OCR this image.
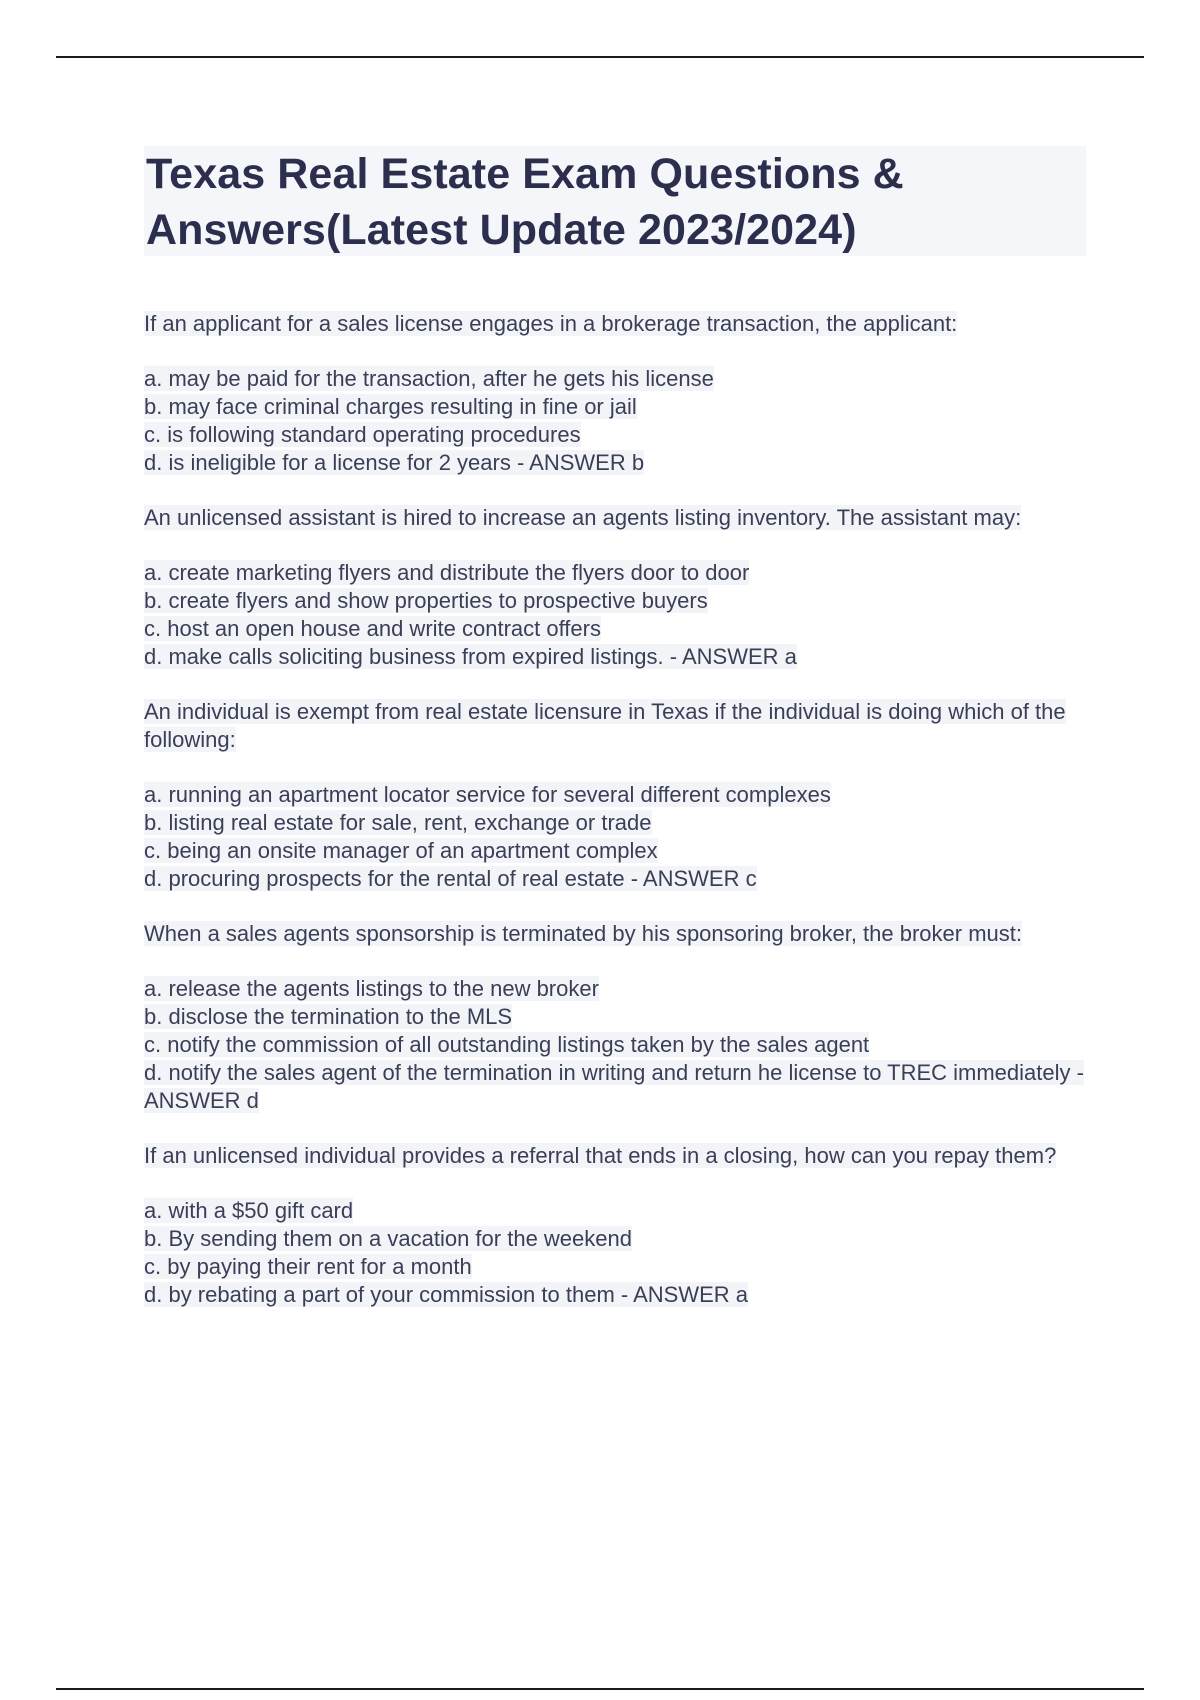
Texas Real Estate Exam Questions & Answers(Latest Update 2023/2024)

If an applicant for a sales license engages in a brokerage transaction, the applicant:

a. may be paid for the transaction, after he gets his license

b. may face criminal charges resulting in fine or jail

c. is following standard operating procedures

d. is ineligible for a license for 2 years - ANSWER b

An unlicensed assistant is hired to increase an agents listing inventory. The assistant may:

a. create marketing flyers and distribute the flyers door to door

b. create flyers and show properties to prospective buyers

c. host an open house and write contract offers

d. make calls soliciting business from expired listings. - ANSWER a

An individual is exempt from real estate licensure in Texas if the individual is doing which of the following:

a. running an apartment locator service for several different complexes

b. listing real estate for sale, rent, exchange or trade

c. being an onsite manager of an apartment complex

d. procuring prospects for the rental of real estate - ANSWER c

When a sales agents sponsorship is terminated by his sponsoring broker, the broker must:

a. release the agents listings to the new broker

b. disclose the termination to the MLS

c. notify the commission of all outstanding listings taken by the sales agent

d. notify the sales agent of the termination in writing and return he license to TREC immediately - ANSWER d

If an unlicensed individual provides a referral that ends in a closing, how can you repay them?

a. with a $50 gift card

b. By sending them on a vacation for the weekend

c. by paying their rent for a month

d. by rebating a part of your commission to them - ANSWER a
